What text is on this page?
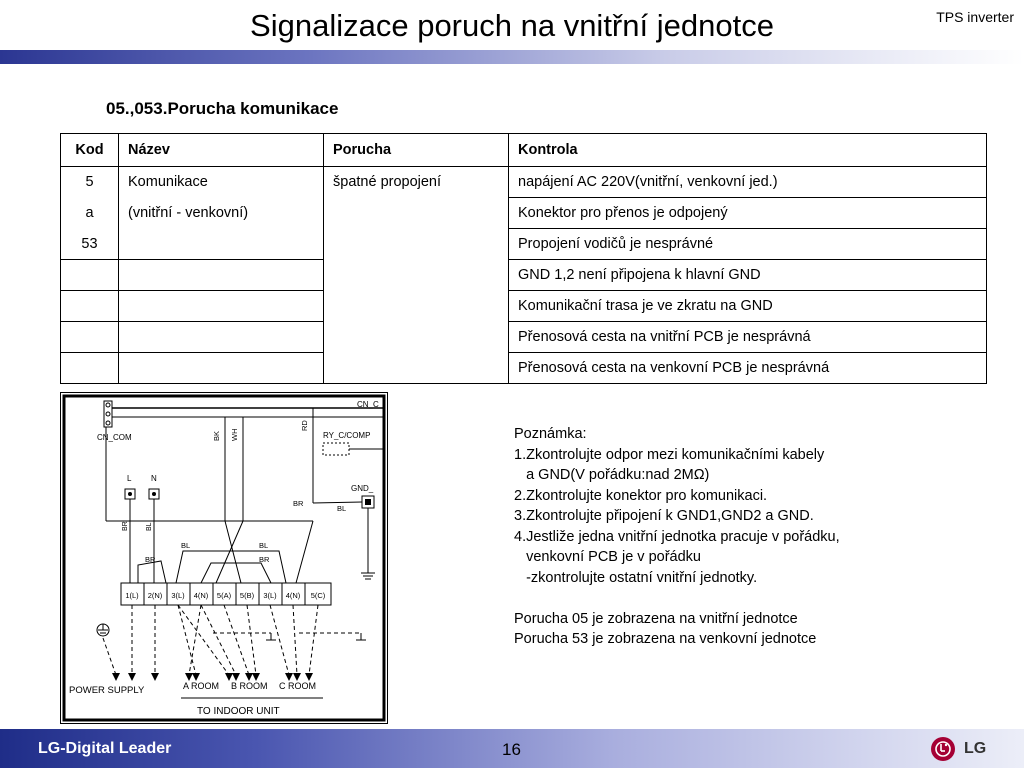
Signalizace poruch na vnitřní jednotce	TPS inverter
05.,053.Porucha komunikace
Kod	Název	Porucha	Kontrola
5	Komunikace	špatné propojení	napájení AC 220V(vnitřní, venkovní jed.)
a	(vnitřní - venkovní)		Konektor pro přenos je odpojený
53			Propojení vodičů je nesprávné
			GND 1,2 není připojena k hlavní GND
			Komunikační trasa je ve zkratu na GND
			Přenosová cesta na vnitřní PCB je nesprávná
			Přenosová cesta na venkovní PCB je nesprávná
CN_C
CN_COM	BK WH
RD
RY_C/COMP
GND_
BR
BL
L N
BR BL
BL
BR
BL
BR
1(L) 2(N) 3(L) 4(N) 5(A) 5(B) 3(L) 4(N) 5(C)
POWER SUPPLY	A ROOM B ROOM C ROOM
TO INDOOR UNIT
Poznámka:
1.Zkontrolujte odpor mezi komunikačními kabely
a GND(V pořádku:nad 2MΩ)
2.Zkontrolujte konektor pro komunikaci.
3.Zkontrolujte připojení k GND1,GND2 a GND.
4.Jestliže jedna vnitřní jednotka pracuje v pořádku,
venkovní PCB je v pořádku
-zkontrolujte ostatní vnitřní jednotky.

Porucha 05 je zobrazena na vnitřní jednotce
Porucha 53 je zobrazena na venkovní jednotce
LG-Digital Leader	16	LG
